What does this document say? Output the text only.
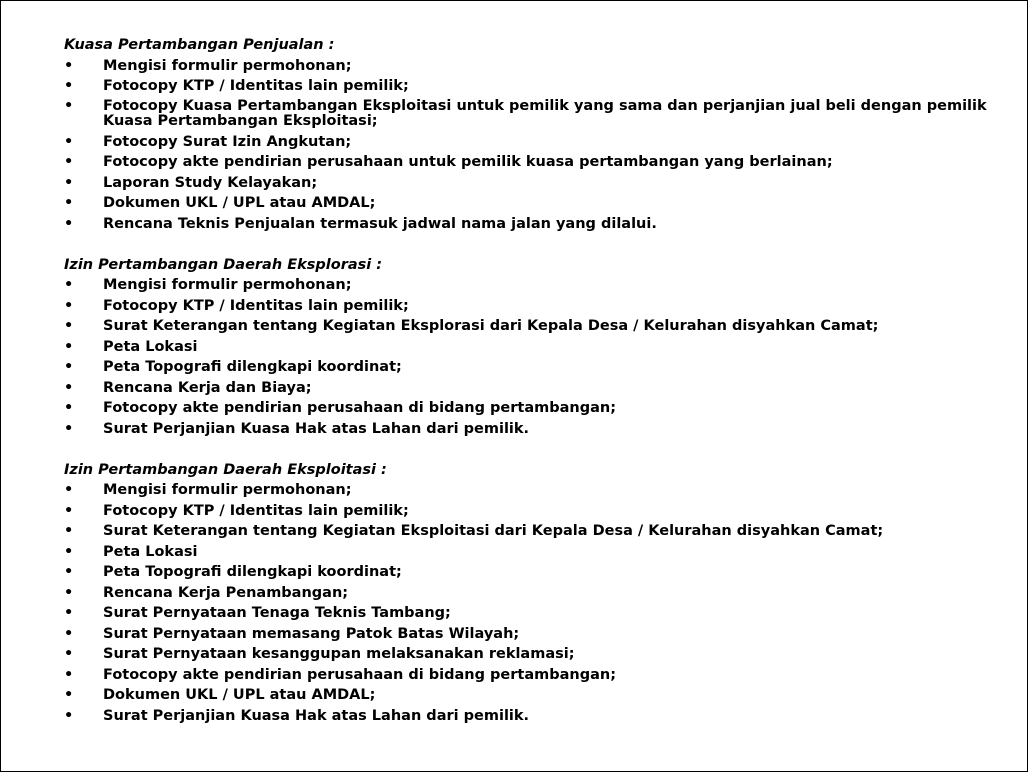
Kuasa Pertambangan Penjualan :

• Mengisi formulir permohonan;
• Fotocopy KTP / Identitas lain pemilik;
• Fotocopy Kuasa Pertambangan Eksploitasi untuk pemilik yang sama dan perjanjian jual beli dengan pemilik Kuasa Pertambangan Eksploitasi;
• Fotocopy Surat Izin Angkutan;
• Fotocopy akte pendirian perusahaan untuk pemilik kuasa pertambangan yang berlainan;
• Laporan Study Kelayakan;
• Dokumen UKL / UPL atau AMDAL;
• Rencana Teknis Penjualan termasuk jadwal nama jalan yang dilalui.

Izin Pertambangan Daerah Eksplorasi :

• Mengisi formulir permohonan;
• Fotocopy KTP / Identitas lain pemilik;
• Surat Keterangan tentang Kegiatan Eksplorasi dari Kepala Desa / Kelurahan disyahkan Camat;
• Peta Lokasi
• Peta Topografi dilengkapi koordinat;
• Rencana Kerja dan Biaya;
• Fotocopy akte pendirian perusahaan di bidang pertambangan;
• Surat Perjanjian Kuasa Hak atas Lahan dari pemilik.

Izin Pertambangan Daerah Eksploitasi :

• Mengisi formulir permohonan;
• Fotocopy KTP / Identitas lain pemilik;
• Surat Keterangan tentang Kegiatan Eksploitasi dari Kepala Desa / Kelurahan disyahkan Camat;
• Peta Lokasi
• Peta Topografi dilengkapi koordinat;
• Rencana Kerja Penambangan;
• Surat Pernyataan Tenaga Teknis Tambang;
• Surat Pernyataan memasang Patok Batas Wilayah;
• Surat Pernyataan kesanggupan melaksanakan reklamasi;
• Fotocopy akte pendirian perusahaan di bidang pertambangan;
• Dokumen UKL / UPL atau AMDAL;
• Surat Perjanjian Kuasa Hak atas Lahan dari pemilik.
